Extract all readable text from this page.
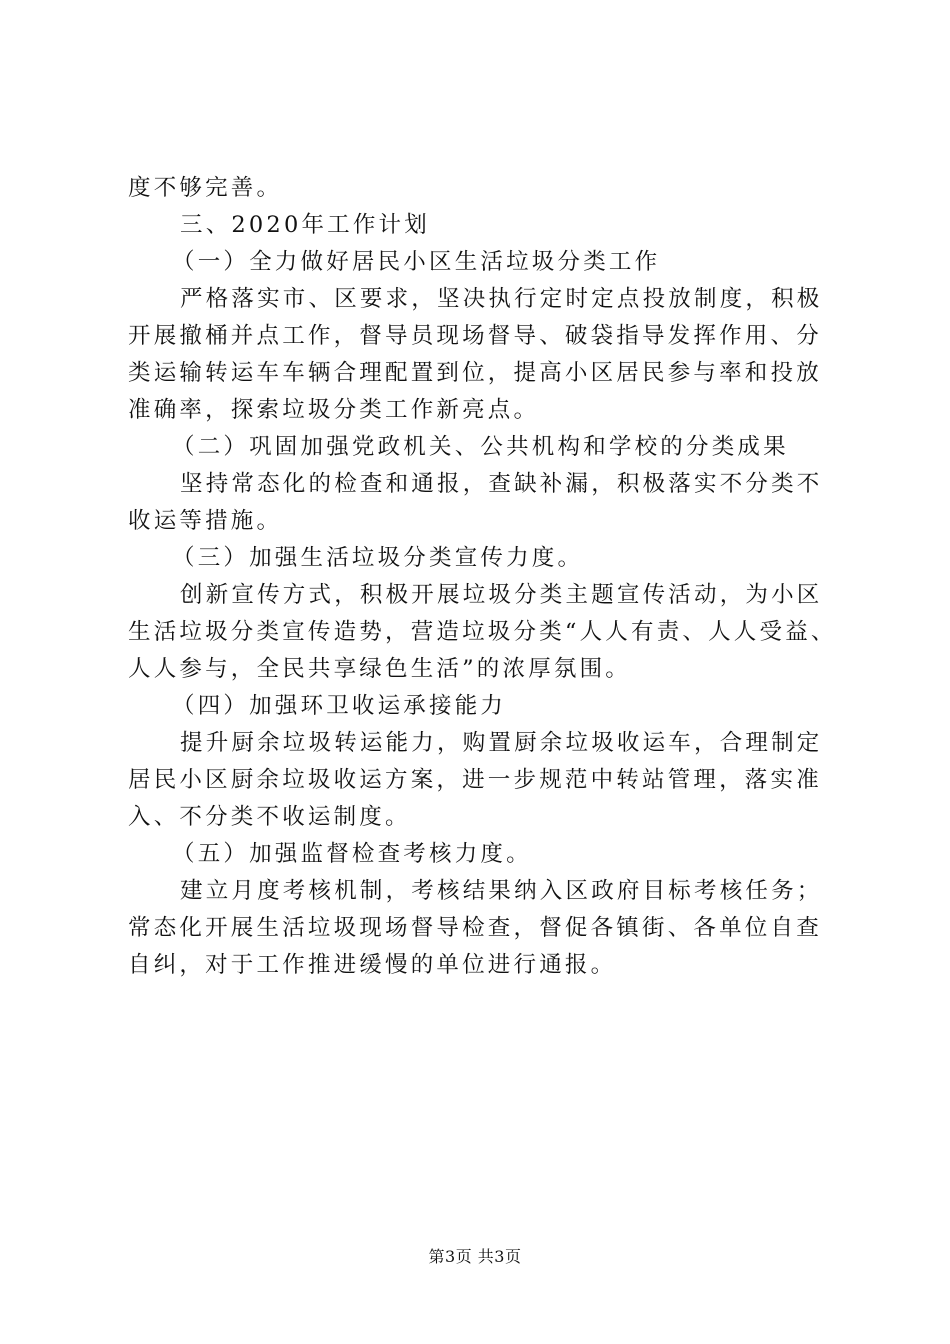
度不够完善。
三、2020年工作计划
（一）全力做好居民小区生活垃圾分类工作
严格落实市、区要求，坚决执行定时定点投放制度，积极
开展撤桶并点工作，督导员现场督导、破袋指导发挥作用、分
类运输转运车车辆合理配置到位，提高小区居民参与率和投放
准确率，探索垃圾分类工作新亮点。
（二）巩固加强党政机关、公共机构和学校的分类成果
坚持常态化的检查和通报，查缺补漏，积极落实不分类不
收运等措施。
（三）加强生活垃圾分类宣传力度。
创新宣传方式，积极开展垃圾分类主题宣传活动，为小区
生活垃圾分类宣传造势，营造垃圾分类“人人有责、人人受益、
人人参与，全民共享绿色生活”的浓厚氛围。
（四）加强环卫收运承接能力
提升厨余垃圾转运能力，购置厨余垃圾收运车，合理制定
居民小区厨余垃圾收运方案，进一步规范中转站管理，落实准
入、不分类不收运制度。
（五）加强监督检查考核力度。
建立月度考核机制，考核结果纳入区政府目标考核任务；
常态化开展生活垃圾现场督导检查，督促各镇街、各单位自查
自纠，对于工作推进缓慢的单位进行通报。
第3页 共3页
